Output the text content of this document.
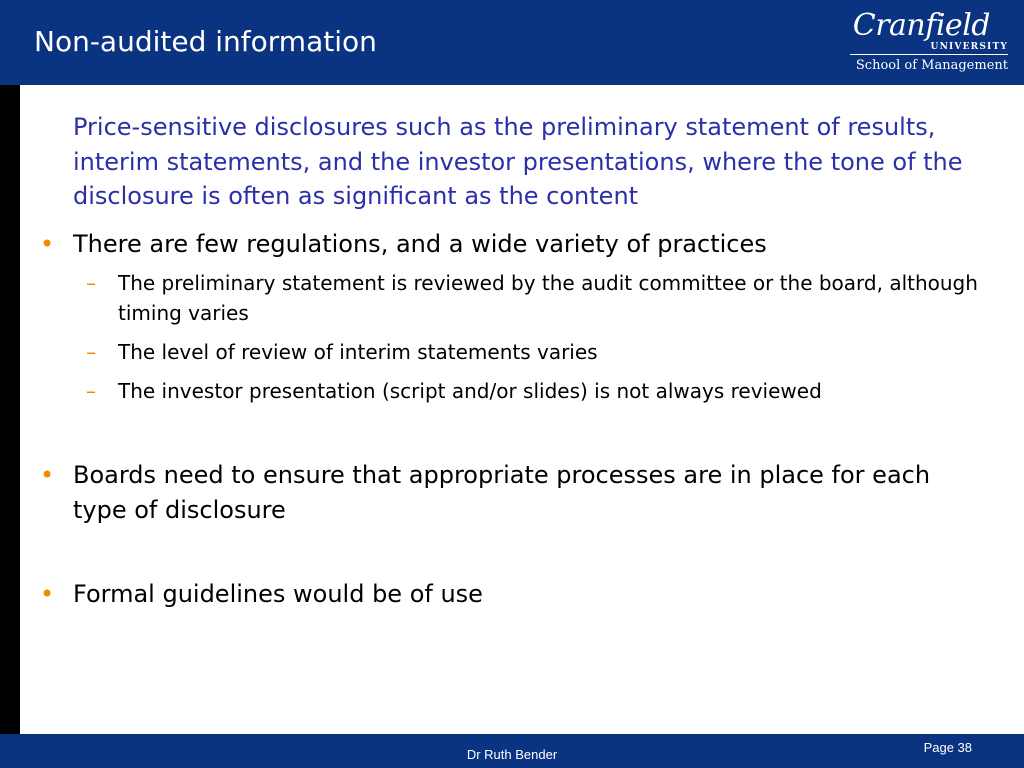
Non-audited information	Cranfield
UNIVERSITY
School of Management

Price-sensitive disclosures such as the preliminary statement of results, interim statements, and the investor presentations, where the tone of the disclosure is often as significant as the content

• There are few regulations, and a wide variety of practices
– The preliminary statement is reviewed by the audit committee or the board, although timing varies
– The level of review of interim statements varies
– The investor presentation (script and/or slides) is not always reviewed
• Boards need to ensure that appropriate processes are in place for each type of disclosure
• Formal guidelines would be of use
Dr Ruth Bender	Page 38
